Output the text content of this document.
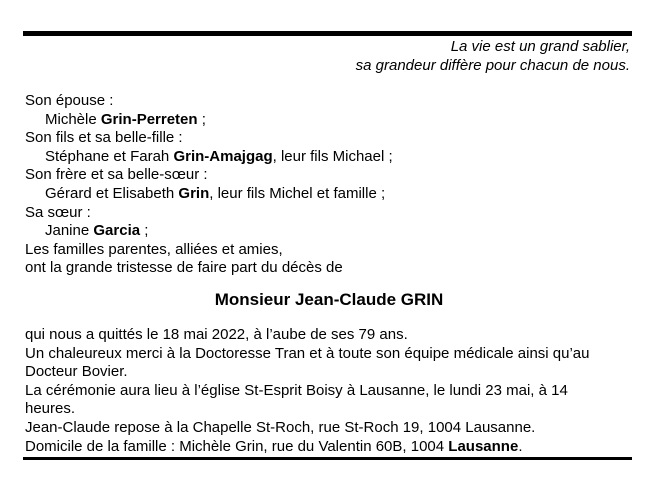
La vie est un grand sablier,
sa grandeur diffère pour chacun de nous.
Son épouse :
Michèle Grin-Perreten ;
Son fils et sa belle-fille :
Stéphane et Farah Grin-Amajgag, leur fils Michael ;
Son frère et sa belle-sœur :
Gérard et Elisabeth Grin, leur fils Michel et famille ;
Sa sœur :
Janine Garcia ;
Les familles parentes, alliées et amies,
ont la grande tristesse de faire part du décès de
Monsieur Jean-Claude GRIN
qui nous a quittés le 18 mai 2022, à l’aube de ses 79 ans.
Un chaleureux merci à la Doctoresse Tran et à toute son équipe médicale ainsi qu’au
Docteur Bovier.
La cérémonie aura lieu à l’église St-Esprit Boisy à Lausanne, le lundi 23 mai, à 14
heures.
Jean-Claude repose à la Chapelle St-Roch, rue St-Roch 19, 1004 Lausanne.
Domicile de la famille : Michèle Grin, rue du Valentin 60B, 1004 Lausanne.
